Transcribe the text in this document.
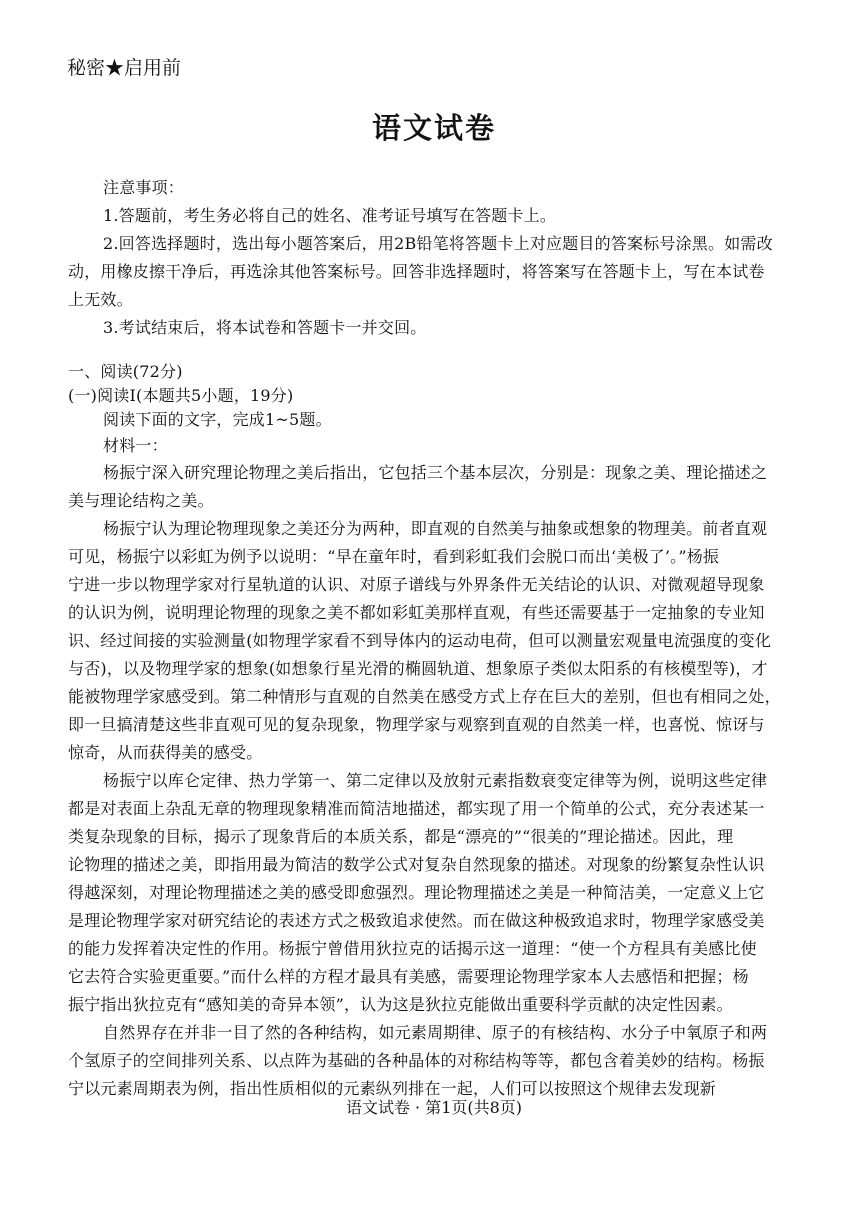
秘密★启用前
语文试卷
注意事项：
1.答题前，考生务必将自己的姓名、准考证号填写在答题卡上。
2.回答选择题时，选出每小题答案后，用2B铅笔将答题卡上对应题目的答案标号涂黑。如需改
动，用橡皮擦干净后，再选涂其他答案标号。回答非选择题时，将答案写在答题卡上，写在本试卷
上无效。
3.考试结束后，将本试卷和答题卡一并交回。
一、阅读(72分)
(一)阅读Ⅰ(本题共5小题，19分)
阅读下面的文字，完成1~5题。
材料一：
杨振宁深入研究理论物理之美后指出，它包括三个基本层次，分别是：现象之美、理论描述之
美与理论结构之美。
杨振宁认为理论物理现象之美还分为两种，即直观的自然美与抽象或想象的物理美。前者直观
可见，杨振宁以彩虹为例予以说明：“早在童年时，看到彩虹我们会脱口而出‘美极了’。”杨振
宁进一步以物理学家对行星轨道的认识、对原子谱线与外界条件无关结论的认识、对微观超导现象
的认识为例，说明理论物理的现象之美不都如彩虹美那样直观，有些还需要基于一定抽象的专业知
识、经过间接的实验测量(如物理学家看不到导体内的运动电荷，但可以测量宏观量电流强度的变化
与否)，以及物理学家的想象(如想象行星光滑的椭圆轨道、想象原子类似太阳系的有核模型等)，才
能被物理学家感受到。第二种情形与直观的自然美在感受方式上存在巨大的差别，但也有相同之处，
即一旦搞清楚这些非直观可见的复杂现象，物理学家与观察到直观的自然美一样，也喜悦、惊讶与
惊奇，从而获得美的感受。
杨振宁以库仑定律、热力学第一、第二定律以及放射元素指数衰变定律等为例，说明这些定律
都是对表面上杂乱无章的物理现象精准而简洁地描述，都实现了用一个简单的公式，充分表述某一
类复杂现象的目标，揭示了现象背后的本质关系，都是“漂亮的”“很美的”理论描述。因此，理
论物理的描述之美，即指用最为简洁的数学公式对复杂自然现象的描述。对现象的纷繁复杂性认识
得越深刻，对理论物理描述之美的感受即愈强烈。理论物理描述之美是一种简洁美，一定意义上它
是理论物理学家对研究结论的表述方式之极致追求使然。而在做这种极致追求时，物理学家感受美
的能力发挥着决定性的作用。杨振宁曾借用狄拉克的话揭示这一道理：“使一个方程具有美感比使
它去符合实验更重要。”而什么样的方程才最具有美感，需要理论物理学家本人去感悟和把握；杨
振宁指出狄拉克有“感知美的奇异本领”，认为这是狄拉克能做出重要科学贡献的决定性因素。
自然界存在并非一目了然的各种结构，如元素周期律、原子的有核结构、水分子中氧原子和两
个氢原子的空间排列关系、以点阵为基础的各种晶体的对称结构等等，都包含着美妙的结构。杨振
宁以元素周期表为例，指出性质相似的元素纵列排在一起，人们可以按照这个规律去发现新
语文试卷 · 第1页(共8页)
